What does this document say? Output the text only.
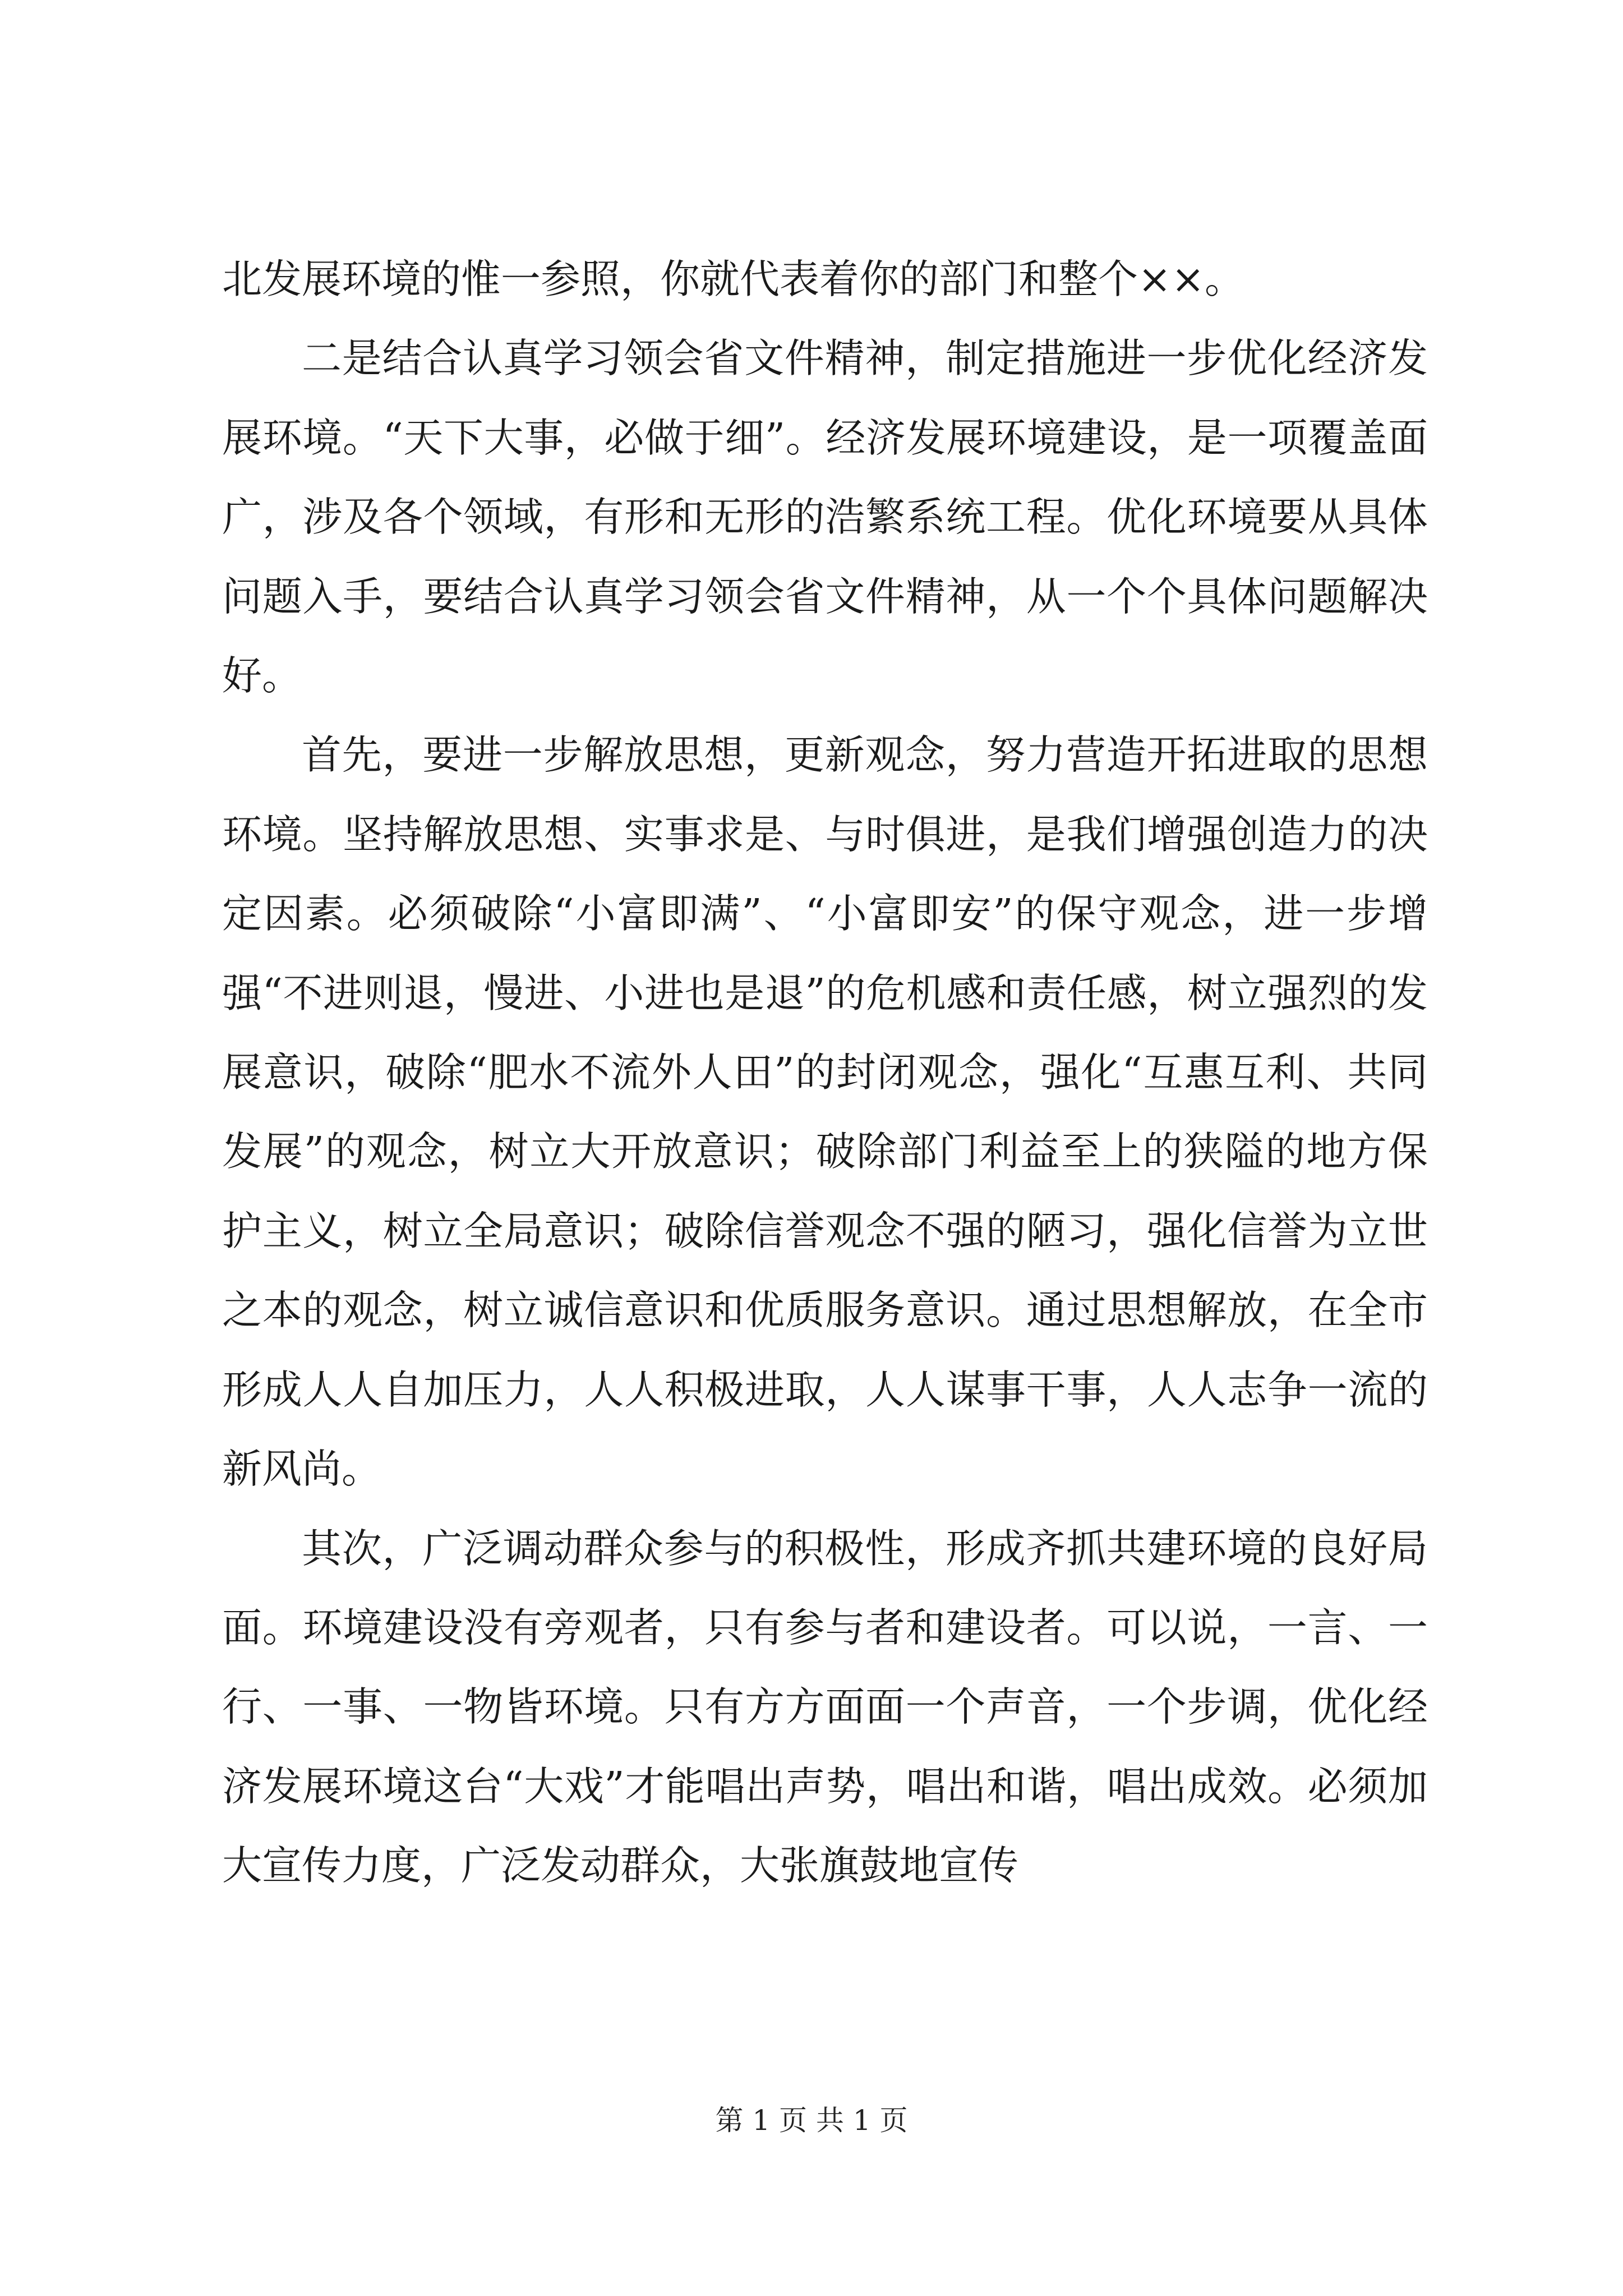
北发展环境的惟一参照，你就代表着你的部门和整个××。

二是结合认真学习领会省文件精神，制定措施进一步优化经济发展环境。“天下大事，必做于细”。经济发展环境建设，是一项覆盖面广，涉及各个领域，有形和无形的浩繁系统工程。优化环境要从具体问题入手，要结合认真学习领会省文件精神，从一个个具体问题解决好。

首先，要进一步解放思想，更新观念，努力营造开拓进取的思想环境。坚持解放思想、实事求是、与时俱进，是我们增强创造力的决定因素。必须破除“小富即满”、“小富即安”的保守观念，进一步增强“不进则退，慢进、小进也是退”的危机感和责任感，树立强烈的发展意识，破除“肥水不流外人田”的封闭观念，强化“互惠互利、共同发展”的观念，树立大开放意识；破除部门利益至上的狭隘的地方保护主义，树立全局意识；破除信誉观念不强的陋习，强化信誉为立世之本的观念，树立诚信意识和优质服务意识。通过思想解放，在全市形成人人自加压力，人人积极进取，人人谋事干事，人人志争一流的新风尚。

其次，广泛调动群众参与的积极性，形成齐抓共建环境的良好局面。环境建设没有旁观者，只有参与者和建设者。可以说，一言、一行、一事、一物皆环境。只有方方面面一个声音，一个步调，优化经济发展环境这台“大戏”才能唱出声势，唱出和谐，唱出成效。必须加大宣传力度，广泛发动群众，大张旗鼓地宣传

第 1 页 共 1 页
